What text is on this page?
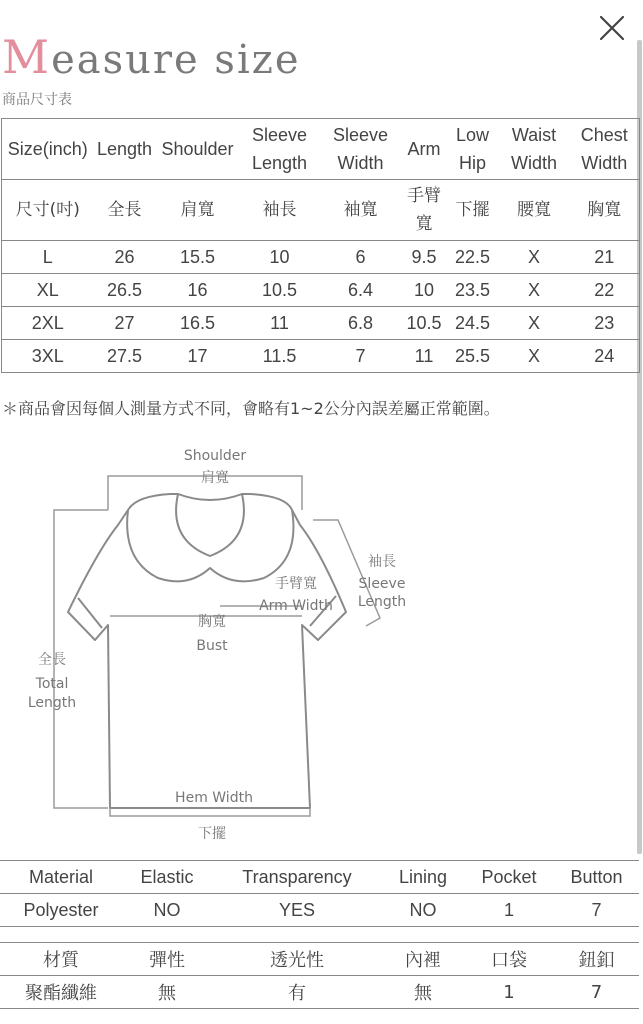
Measure size
商品尺寸表
Size(inch)	Length	Shoulder	Sleeve Length	Sleeve Width	Arm	Low Hip	Waist Width	Chest Width
尺寸(吋)	全長	肩寬	袖長	袖寬	手臂寬	下擺	腰寬	胸寬
L	26	15.5	10	6	9.5	22.5	X	21
XL	26.5	16	10.5	6.4	10	23.5	X	22
2XL	27	16.5	11	6.8	10.5	24.5	X	23
3XL	27.5	17	11.5	7	11	25.5	X	24
＊商品會因每個人測量方式不同，會略有1~2公分內誤差屬正常範圍。
Shoulder
肩寬
袖長
Sleeve
Length
手臂寬
Arm Width
胸寬
Bust
全長
Total
Length
Hem Width
下擺
Material	Elastic	Transparency	Lining	Pocket	Button
Polyester	NO	YES	NO	1	7
材質	彈性	透光性	內裡	口袋	鈕釦
聚酯纖維	無	有	無	1	7
